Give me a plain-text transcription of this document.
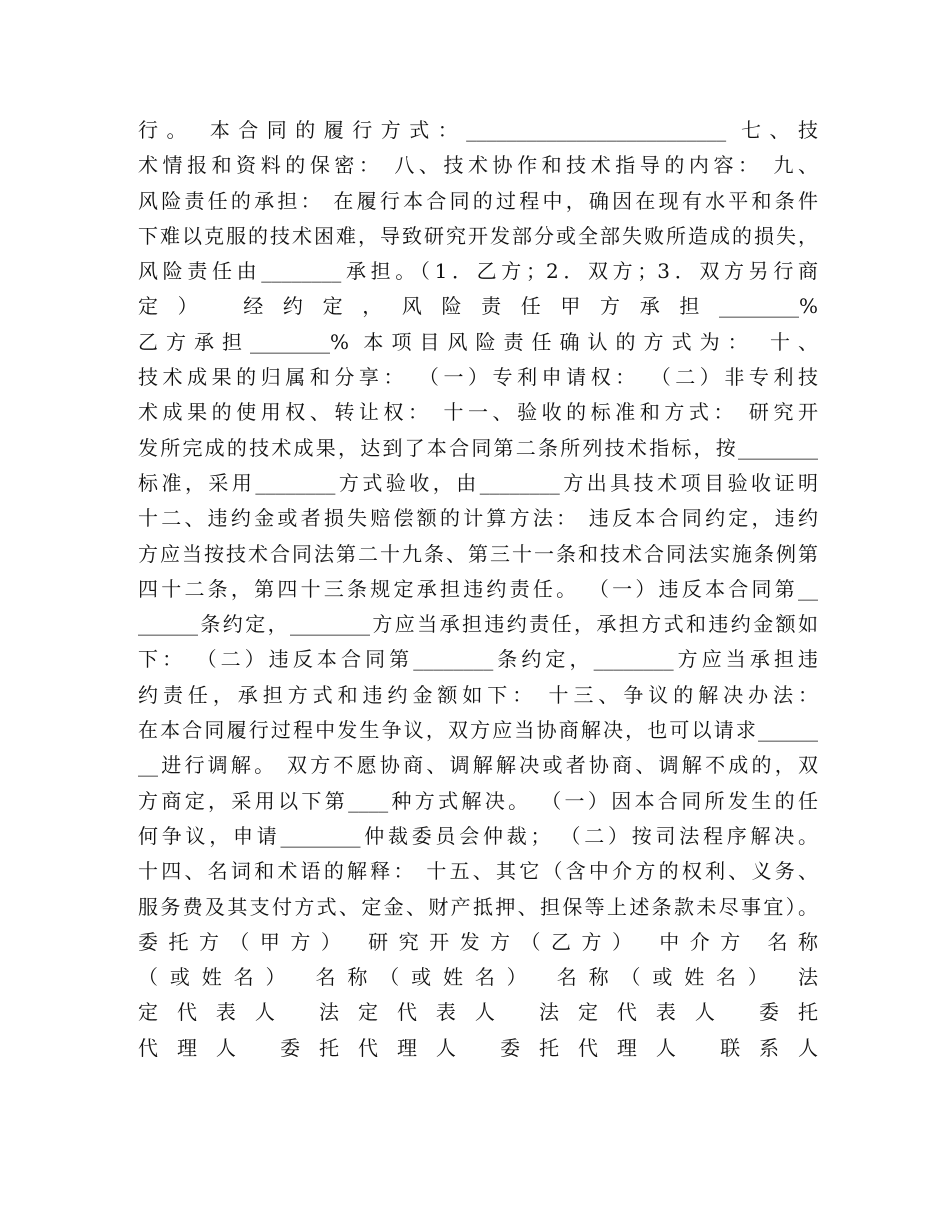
行。 本合同的履行方式：__________________________ 七、技
术情报和资料的保密： 八、技术协作和技术指导的内容： 九、
风险责任的承担： 在履行本合同的过程中，确因在现有水平和条件
下难以克服的技术困难，导致研究开发部分或全部失败所造成的损失，
风险责任由________承担。（1．乙方；2．双方；3．双方另行商
定） 经约定，风险责任甲方承担________%
乙方承担________% 本项目风险责任确认的方式为： 十、
技术成果的归属和分享： （一）专利申请权： （二）非专利技
术成果的使用权、转让权： 十一、验收的标准和方式： 研究开
发所完成的技术成果，达到了本合同第二条所列技术指标，按________
标准，采用________方式验收，由________方出具技术项目验收证明
十二、违约金或者损失赔偿额的计算方法： 违反本合同约定，违约
方应当按技术合同法第二十九条、第三十一条和技术合同法实施条例第
四十二条，第四十三条规定承担违约责任。 （一）违反本合同第__
______条约定，________方应当承担违约责任，承担方式和违约金额如
下： （二）违反本合同第________条约定，________方应当承担违
约责任，承担方式和违约金额如下： 十三、争议的解决办法：
在本合同履行过程中发生争议，双方应当协商解决，也可以请求______
__进行调解。 双方不愿协商、调解解决或者协商、调解不成的，双
方商定，采用以下第____种方式解决。 （一）因本合同所发生的任
何争议，申请________仲裁委员会仲裁； （二）按司法程序解决。
十四、名词和术语的解释： 十五、其它（含中介方的权利、义务、
服务费及其支付方式、定金、财产抵押、担保等上述条款未尽事宜）。
委托方（甲方） 研究开发方（乙方） 中介方 名称
（或姓名） 名称（或姓名） 名称（或姓名） 法
定代表人 法定代表人 法定代表人 委托
代理人 委托代理人 委托代理人 联系人
